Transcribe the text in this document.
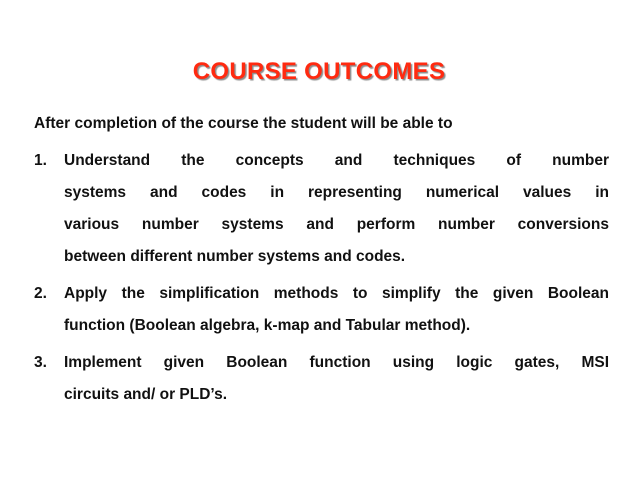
COURSE OUTCOMES
After completion of the course the student will be able to
1. Understand the concepts and techniques of number
systems and codes in representing numerical values in
various number systems and perform number conversions
between different number systems and codes.
2. Apply the simplification methods to simplify the given Boolean
function (Boolean algebra, k-map and Tabular method).
3. Implement given Boolean function using logic gates, MSI
circuits and/ or PLD’s.
